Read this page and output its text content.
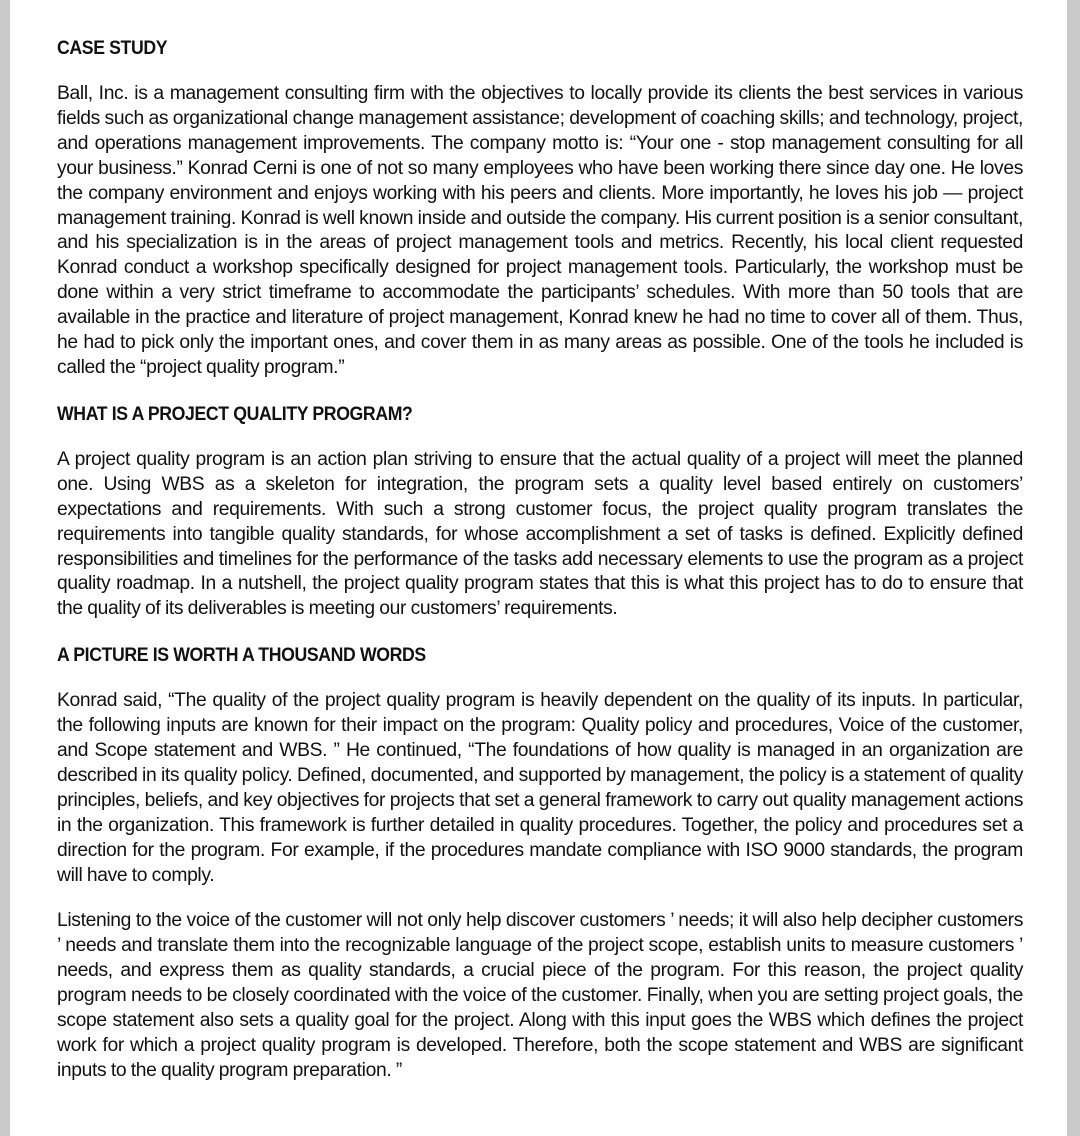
CASE STUDY

Ball, Inc. is a management consulting firm with the objectives to locally provide its clients the best services in various fields such as organizational change management assistance; development of coaching skills; and technology, project, and operations management improvements. The company motto is: “Your one - stop management consulting for all your business.” Konrad Cerni is one of not so many employees who have been working there since day one. He loves the company environment and enjoys working with his peers and clients. More importantly, he loves his job — project management training. Konrad is well known inside and outside the company. His current position is a senior consultant, and his specialization is in the areas of project management tools and metrics. Recently, his local client requested Konrad conduct a workshop specifically designed for project management tools. Particularly, the workshop must be done within a very strict timeframe to accommodate the participants’ schedules. With more than 50 tools that are available in the practice and literature of project management, Konrad knew he had no time to cover all of them. Thus, he had to pick only the important ones, and cover them in as many areas as possible. One of the tools he included is called the “project quality program.”

WHAT IS A PROJECT QUALITY PROGRAM?

A project quality program is an action plan striving to ensure that the actual quality of a project will meet the planned one. Using WBS as a skeleton for integration, the program sets a quality level based entirely on customers’ expectations and requirements. With such a strong customer focus, the project quality program translates the requirements into tangible quality standards, for whose accomplishment a set of tasks is defined. Explicitly defined responsibilities and timelines for the performance of the tasks add necessary elements to use the program as a project quality roadmap. In a nutshell, the project quality program states that this is what this project has to do to ensure that the quality of its deliverables is meeting our customers’ requirements.

A PICTURE IS WORTH A THOUSAND WORDS

Konrad said, “The quality of the project quality program is heavily dependent on the quality of its inputs. In particular, the following inputs are known for their impact on the program: Quality policy and procedures, Voice of the customer, and Scope statement and WBS. ” He continued, “The foundations of how quality is managed in an organization are described in its quality policy. Defined, documented, and supported by management, the policy is a statement of quality principles, beliefs, and key objectives for projects that set a general framework to carry out quality management actions in the organization. This framework is further detailed in quality procedures. Together, the policy and procedures set a direction for the program. For example, if the procedures mandate compliance with ISO 9000 standards, the program will have to comply.

Listening to the voice of the customer will not only help discover customers ’ needs; it will also help decipher customers ’ needs and translate them into the recognizable language of the project scope, establish units to measure customers ’ needs, and express them as quality standards, a crucial piece of the program. For this reason, the project quality program needs to be closely coordinated with the voice of the customer. Finally, when you are setting project goals, the scope statement also sets a quality goal for the project. Along with this input goes the WBS which defines the project work for which a project quality program is developed. Therefore, both the scope statement and WBS are significant inputs to the quality program preparation. ”
